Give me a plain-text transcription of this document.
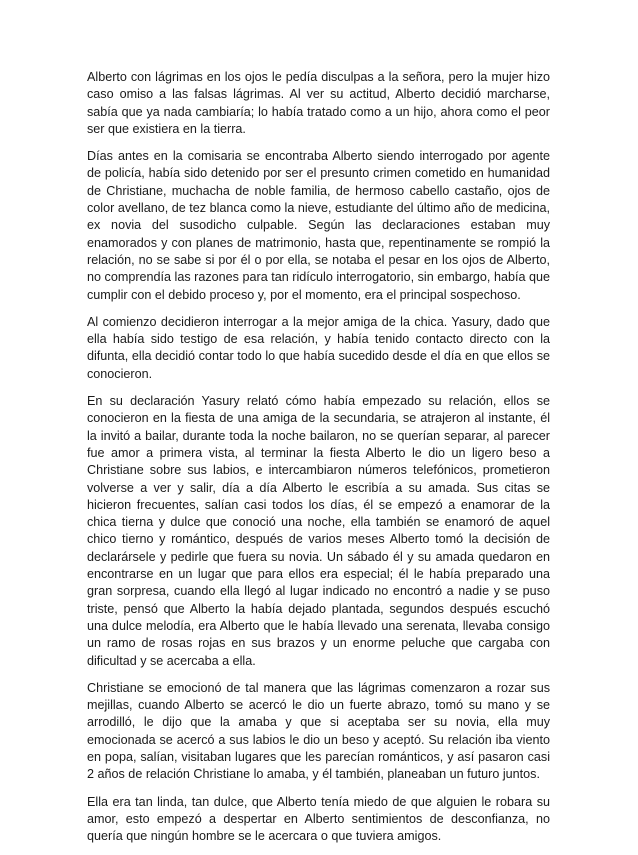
Alberto con lágrimas en los ojos le pedía disculpas a la señora, pero la mujer hizo caso omiso a las falsas lágrimas. Al ver su actitud, Alberto decidió marcharse, sabía que ya nada cambiaría; lo había tratado como a un hijo, ahora como el peor ser que existiera en la tierra.

Días antes en la comisaria se encontraba Alberto siendo interrogado por agente de policía, había sido detenido por ser el presunto crimen cometido en humanidad de Christiane, muchacha de noble familia, de hermoso cabello castaño, ojos de color avellano, de tez blanca como la nieve, estudiante del último año de medicina, ex novia del susodicho culpable. Según las declaraciones estaban muy enamorados y con planes de matrimonio, hasta que, repentinamente se rompió la relación, no se sabe si por él o por ella, se notaba el pesar en los ojos de Alberto, no comprendía las razones para tan ridículo interrogatorio, sin embargo, había que cumplir con el debido proceso y, por el momento, era el principal sospechoso.

Al comienzo decidieron interrogar a la mejor amiga de la chica. Yasury, dado que ella había sido testigo de esa relación, y había tenido contacto directo con la difunta, ella decidió contar todo lo que había sucedido desde el día en que ellos se conocieron.

En su declaración Yasury relató cómo había empezado su relación, ellos se conocieron en la fiesta de una amiga de la secundaria, se atrajeron al instante, él la invitó a bailar, durante toda la noche bailaron, no se querían separar, al parecer fue amor a primera vista, al terminar la fiesta Alberto le dio un ligero beso a Christiane sobre sus labios, e intercambiaron números telefónicos, prometieron volverse a ver y salir, día a día Alberto le escribía a su amada. Sus citas se hicieron frecuentes, salían casi todos los días, él se empezó a enamorar de la chica tierna y dulce que conoció una noche, ella también se enamoró de aquel chico tierno y romántico, después de varios meses Alberto tomó la decisión de declarársele y pedirle que fuera su novia. Un sábado él y su amada quedaron en encontrarse en un lugar que para ellos era especial; él le había preparado una gran sorpresa, cuando ella llegó al lugar indicado no encontró a nadie y se puso triste, pensó que Alberto la había dejado plantada, segundos después escuchó una dulce melodía, era Alberto que le había llevado una serenata, llevaba consigo un ramo de rosas rojas en sus brazos y un enorme peluche que cargaba con dificultad y se acercaba a ella.

Christiane se emocionó de tal manera que las lágrimas comenzaron a rozar sus mejillas, cuando Alberto se acercó le dio un fuerte abrazo, tomó su mano y se arrodilló, le dijo que la amaba y que si aceptaba ser su novia, ella muy emocionada se acercó a sus labios le dio un beso y aceptó. Su relación iba viento en popa, salían, visitaban lugares que les parecían románticos, y así pasaron casi 2 años de relación Christiane lo amaba, y él también, planeaban un futuro juntos.

Ella era tan linda, tan dulce, que Alberto tenía miedo de que alguien le robara su amor, esto empezó a despertar en Alberto sentimientos de desconfianza, no quería que ningún hombre se le acercara o que tuviera amigos.
